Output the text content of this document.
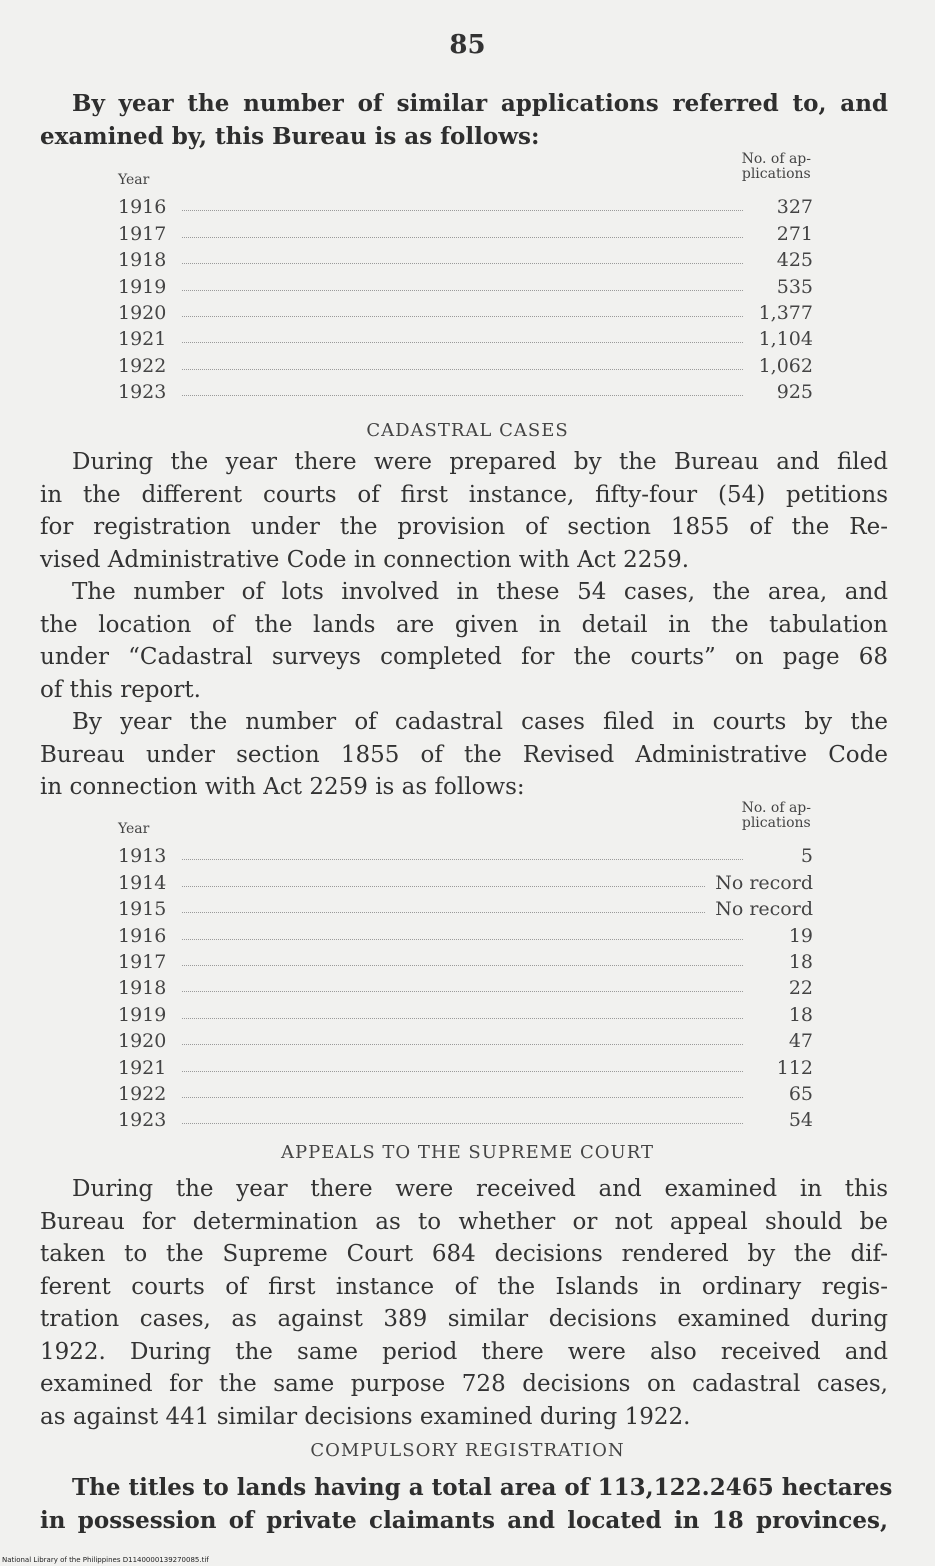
85
By year the number of similar applications referred to, and
examined by, this Bureau is as follows:
Year
No. of ap-
plications
1916	327
1917	271
1918	425
1919	535
1920	1,377
1921	1,104
1922	1,062
1923	925
CADASTRAL CASES
During the year there were prepared by the Bureau and filed
in the different courts of first instance, fifty-four (54) petitions
for registration under the provision of section 1855 of the Re-
vised Administrative Code in connection with Act 2259.
The number of lots involved in these 54 cases, the area, and
the location of the lands are given in detail in the tabulation
under “Cadastral surveys completed for the courts” on page 68
of this report.
By year the number of cadastral cases filed in courts by the
Bureau under section 1855 of the Revised Administrative Code
in connection with Act 2259 is as follows:
Year
No. of ap-
plications
1913	5
1914	No record
1915	No record
1916	19
1917	18
1918	22
1919	18
1920	47
1921	112
1922	65
1923	54
APPEALS TO THE SUPREME COURT
During the year there were received and examined in this
Bureau for determination as to whether or not appeal should be
taken to the Supreme Court 684 decisions rendered by the dif-
ferent courts of first instance of the Islands in ordinary regis-
tration cases, as against 389 similar decisions examined during
1922. During the same period there were also received and
examined for the same purpose 728 decisions on cadastral cases,
as against 441 similar decisions examined during 1922.
COMPULSORY REGISTRATION
The titles to lands having a total area of 113,122.2465 hectares
in possession of private claimants and located in 18 provinces,
National Library of the Philippines D1140000139270085.tif
